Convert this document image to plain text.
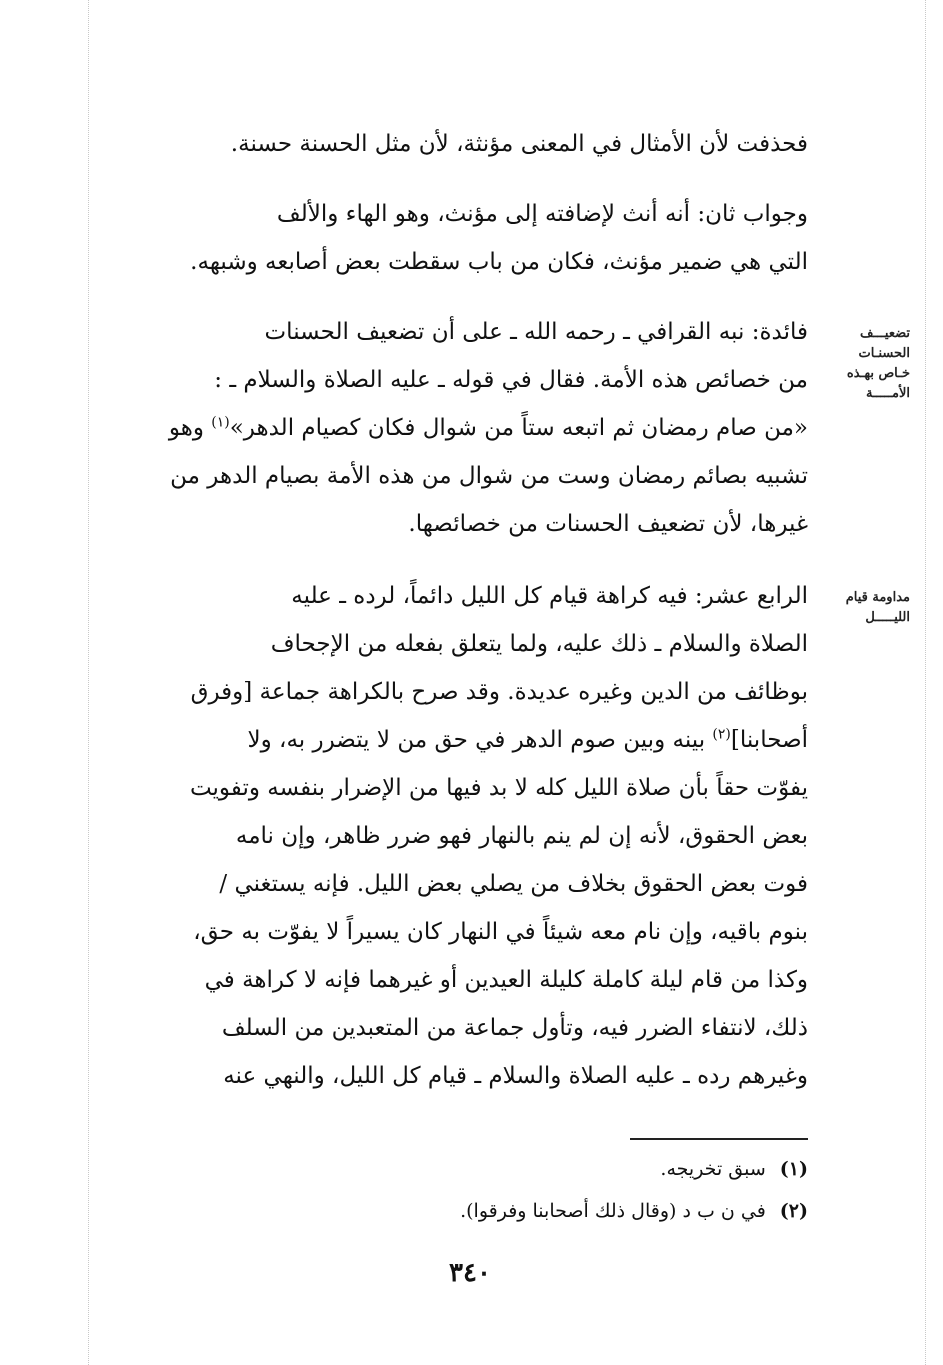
فحذفت لأن الأمثال في المعنى مؤنثة، لأن مثل الحسنة حسنة.

وجواب ثان: أنه أنث لإضافته إلى مؤنث، وهو الهاء والألف

التي هي ضمير مؤنث، فكان من باب سقطت بعض أصابعه وشبهه.

فائدة: نبه القرافي ـ رحمه الله ـ على أن تضعيف الحسنات

من خصائص هذه الأمة. فقال في قوله ـ عليه الصلاة والسلام ـ :

«من صام رمضان ثم اتبعه ستاً من شوال فكان كصيام الدهر»$^{(١)}$ وهو

تشبيه بصائم رمضان وست من شوال من هذه الأمة بصيام الدهر من

غيرها، لأن تضعيف الحسنات من خصائصها.

الرابع عشر: فيه كراهة قيام كل الليل دائماً، لرده ـ عليه

الصلاة والسلام ـ ذلك عليه، ولما يتعلق بفعله من الإجحاف

بوظائف من الدين وغيره عديدة. وقد صرح بالكراهة جماعة [وفرق

أصحابنا]$^{(٢)}$ بينه وبين صوم الدهر في حق من لا يتضرر به، ولا

يفوّت حقاً بأن صلاة الليل كله لا بد فيها من الإضرار بنفسه وتفويت

بعض الحقوق، لأنه إن لم ينم بالنهار فهو ضرر ظاهر، وإن نامه

فوت بعض الحقوق بخلاف من يصلي بعض الليل. فإنه يستغني /

بنوم باقيه، وإن نام معه شيئاً في النهار كان يسيراً لا يفوّت به حق،

وكذا من قام ليلة كاملة كليلة العيدين أو غيرهما فإنه لا كراهة في

ذلك، لانتفاء الضرر فيه، وتأول جماعة من المتعبدين من السلف

وغيرهم رده ـ عليه الصلاة والسلام ـ قيام كل الليل، والنهي عنه

تضعيـــف
الحسنـات
خـاص بهـذه
الأمـــــة
مداومة قيام
الليـــــل
(١)سبق تخريجه.
(٢)في ن ب د (وقال ذلك أصحابنا وفرقوا).
٣٤٠
